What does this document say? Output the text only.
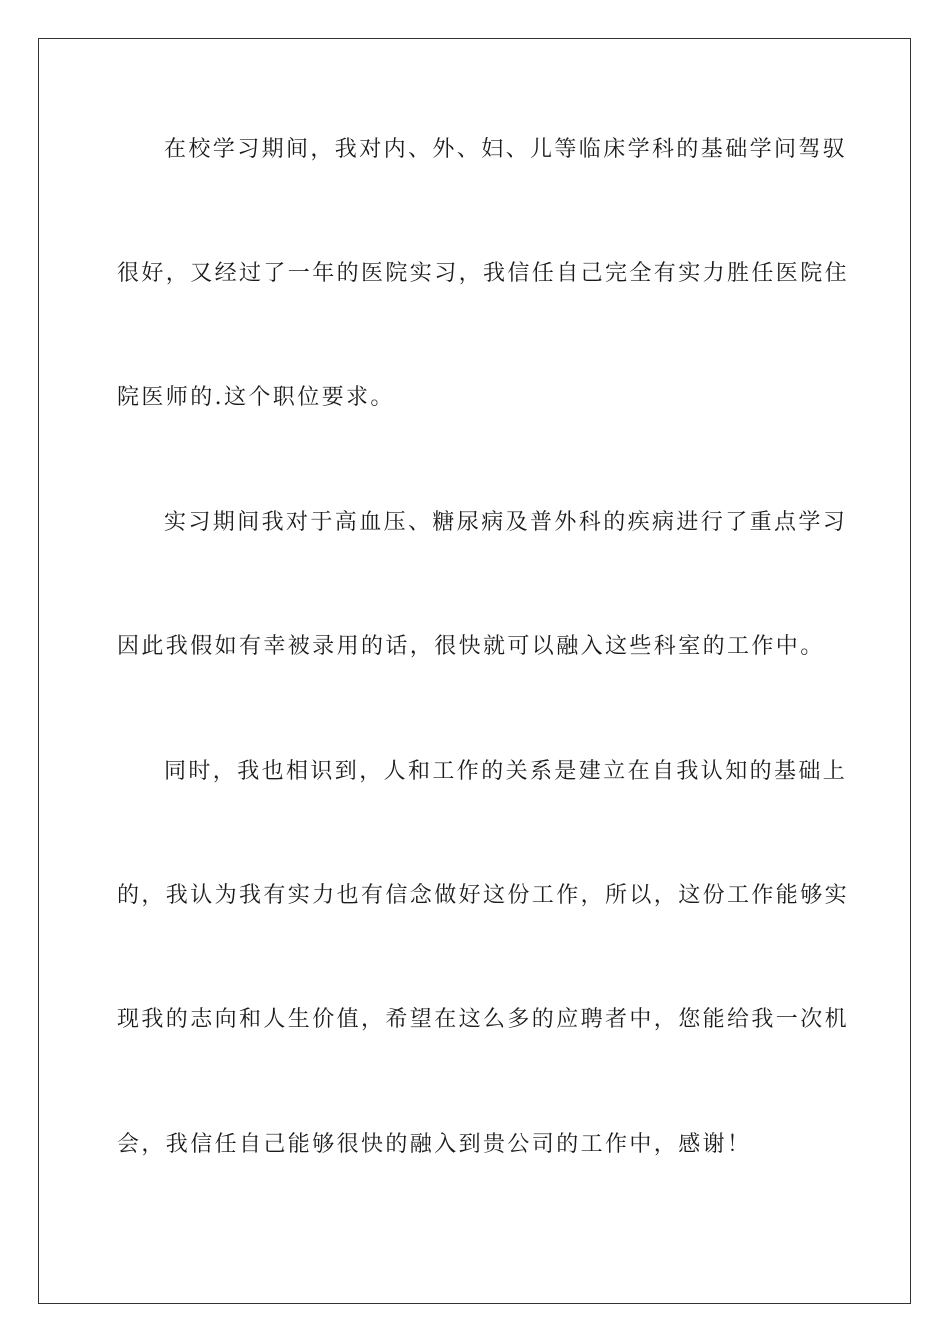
在校学习期间，我对内、外、妇、儿等临床学科的基础学问驾驭
很好，又经过了一年的医院实习，我信任自己完全有实力胜任医院住
院医师的.这个职位要求。
实习期间我对于高血压、糖尿病及普外科的疾病进行了重点学习
因此我假如有幸被录用的话，很快就可以融入这些科室的工作中。
同时，我也相识到，人和工作的关系是建立在自我认知的基础上
的，我认为我有实力也有信念做好这份工作，所以，这份工作能够实
现我的志向和人生价值，希望在这么多的应聘者中，您能给我一次机
会，我信任自己能够很快的融入到贵公司的工作中，感谢！
